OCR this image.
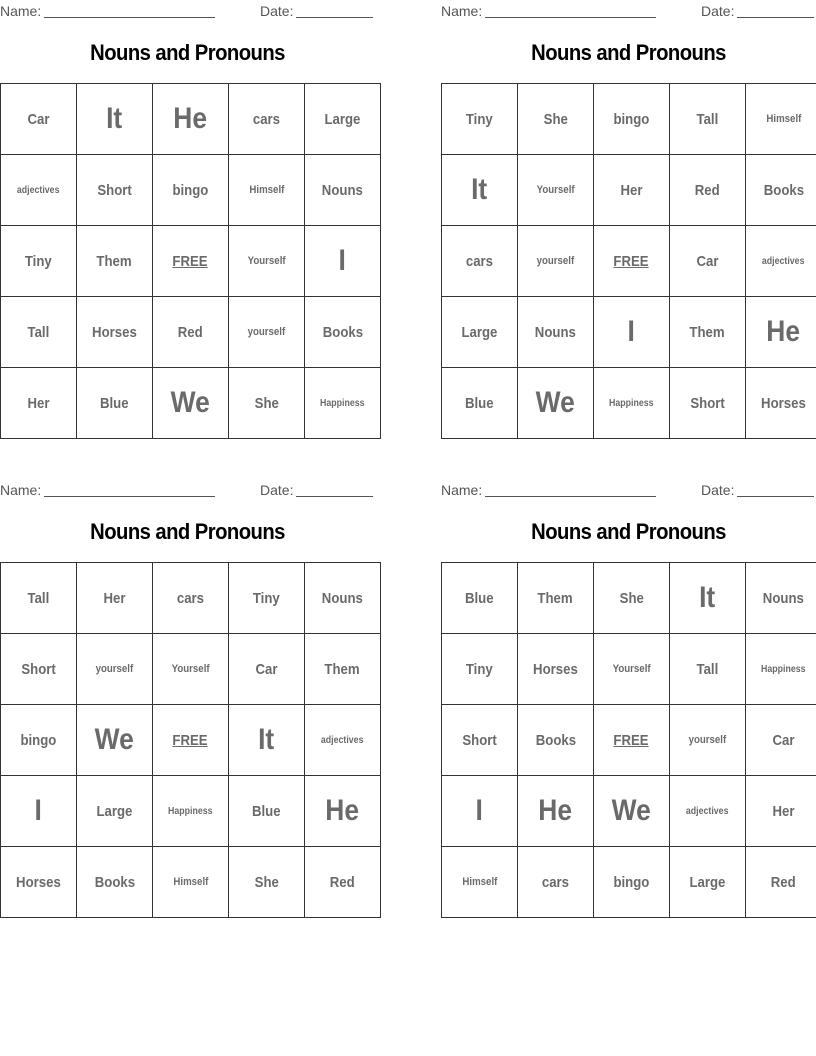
Name:	Date:
Nouns and Pronouns
Car	It	He	cars	Large
adjectives	Short	bingo	Himself	Nouns
Tiny	Them	FREE	Yourself	I
Tall	Horses	Red	yourself	Books
Her	Blue	We	She	Happiness
Name:	Date:
Nouns and Pronouns
Tiny	She	bingo	Tall	Himself
It	Yourself	Her	Red	Books
cars	yourself	FREE	Car	adjectives
Large	Nouns	I	Them	He
Blue	We	Happiness	Short	Horses
Name:	Date:
Nouns and Pronouns
Tall	Her	cars	Tiny	Nouns
Short	yourself	Yourself	Car	Them
bingo	We	FREE	It	adjectives
I	Large	Happiness	Blue	He
Horses	Books	Himself	She	Red
Name:	Date:
Nouns and Pronouns
Blue	Them	She	It	Nouns
Tiny	Horses	Yourself	Tall	Happiness
Short	Books	FREE	yourself	Car
I	He	We	adjectives	Her
Himself	cars	bingo	Large	Red
